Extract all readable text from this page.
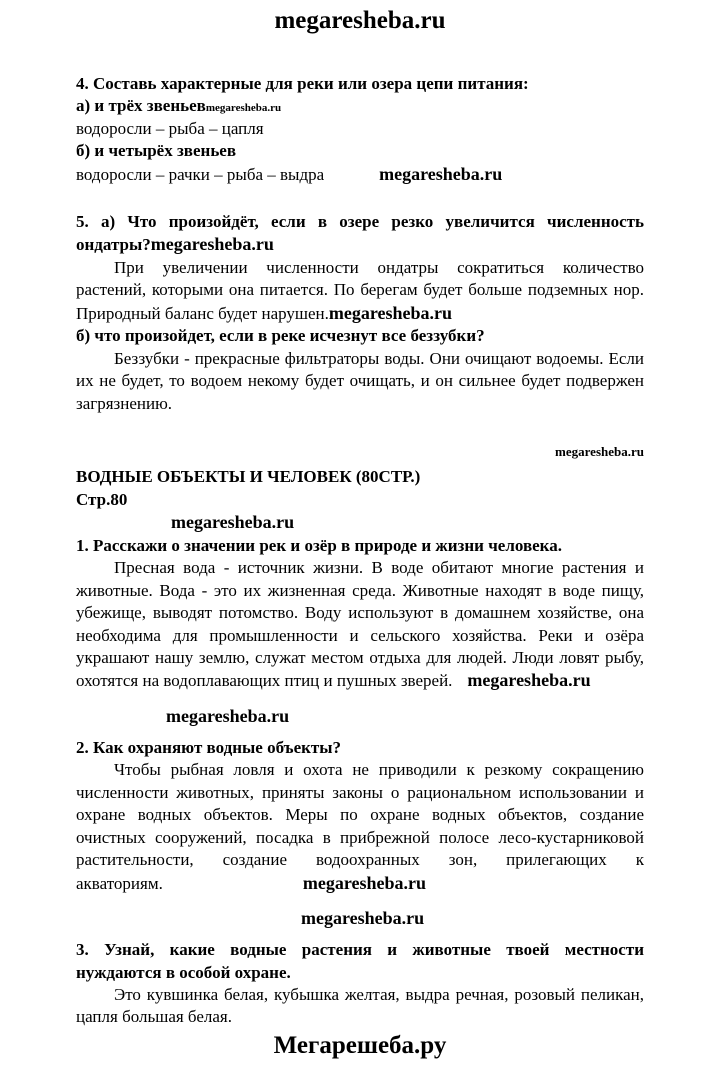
megaresheba.ru
4. Составь характерные для реки или озера цепи питания:
а) и трёх звеньевmegaresheba.ru
водоросли – рыба – цапля
б) и четырёх звеньев
водоросли – рачки – рыба – выдра	megaresheba.ru
5. а) Что произойдёт, если в озере резко увеличится численность ондатры?megaresheba.ru

При увеличении численности ондатры сократиться количество растений, которыми она питается. По берегам будет больше подземных нор. Природный баланс будет нарушен.megaresheba.ru

б) что произойдет, если в реке исчезнут все беззубки?

Беззубки - прекрасные фильтраторы воды. Они очищают водоемы. Если их не будет, то водоем некому будет очищать, и он сильнее будет подвержен загрязнению.

megaresheba.ru
ВОДНЫЕ ОБЪЕКТЫ И ЧЕЛОВЕК (80СТР.)
Стр.80
megaresheba.ru
1. Расскажи о значении рек и озёр в природе и жизни человека.

Пресная вода - источник жизни. В воде обитают многие растения и животные. Вода - это их жизненная среда. Животные находят в воде пищу, убежище, выводят потомство. Воду используют в домашнем хозяйстве, она необходима для промышленности и сельского хозяйства. Реки и озёра украшают нашу землю, служат местом отдыха для людей. Люди ловят рыбу, охотятся на водоплавающих птиц и пушных зверей. megaresheba.ru

megaresheba.ru
2. Как охраняют водные объекты?

Чтобы рыбная ловля и охота не приводили к резкому сокращению численности животных, приняты законы о рациональном использовании и охране водных объектов. Меры по охране водных объектов, создание очистных сооружений, посадка в прибрежной полосе лесо-кустарниковой растительности, создание водоохранных зон, прилегающих к акваториям.	megaresheba.ru

megaresheba.ru
3. Узнай, какие водные растения и животные твоей местности нуждаются в особой охране.

Это кувшинка белая, кубышка желтая, выдра речная, розовый пеликан, цапля большая белая.

Мегарешеба.ру
